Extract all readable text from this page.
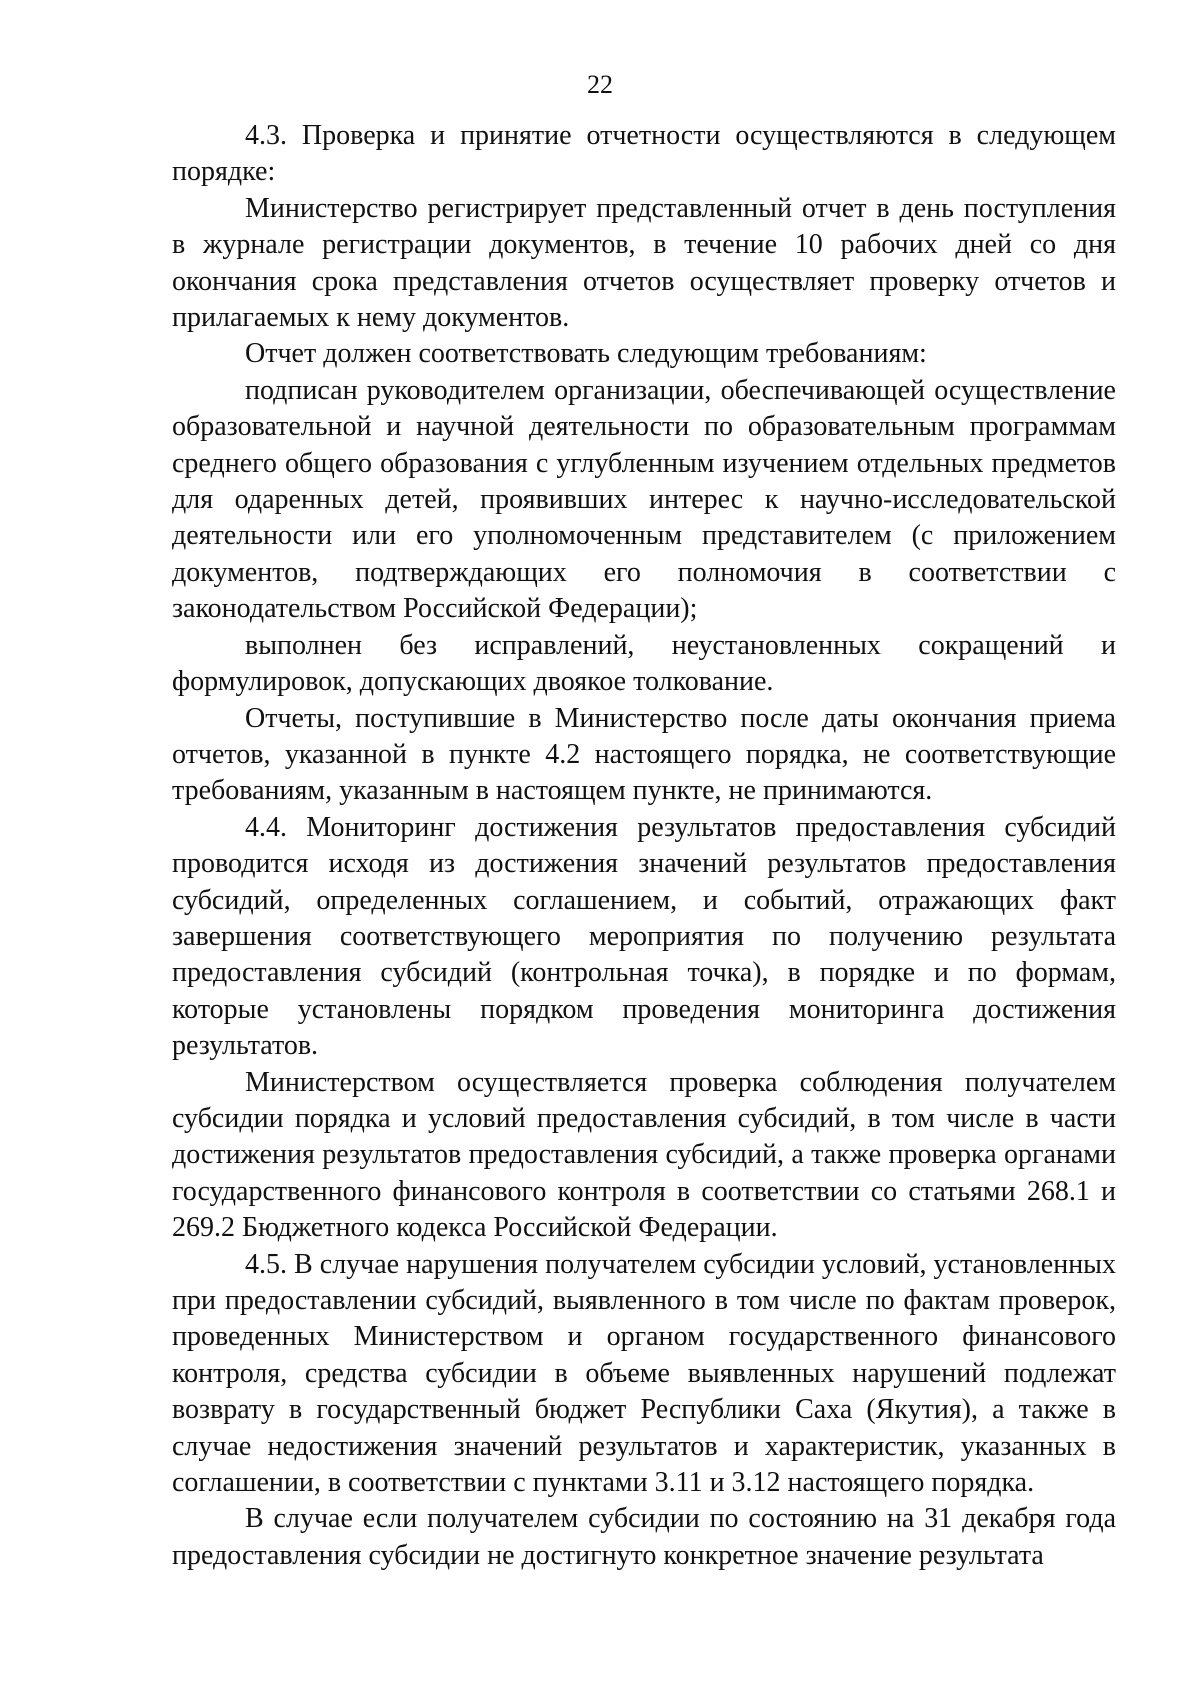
22

4.3. Проверка и принятие отчетности осуществляются в следующем порядке:

Министерство регистрирует представленный отчет в день поступления в журнале регистрации документов, в течение 10 рабочих дней со дня окончания срока представления отчетов осуществляет проверку отчетов и прилагаемых к нему документов.

Отчет должен соответствовать следующим требованиям:

подписан руководителем организации, обеспечивающей осуществление образовательной и научной деятельности по образовательным программам среднего общего образования с углубленным изучением отдельных предметов для одаренных детей, проявивших интерес к научно-исследовательской деятельности или его уполномоченным представителем (с приложением документов, подтверждающих его полномочия в соответствии с законодательством Российской Федерации);

выполнен без исправлений, неустановленных сокращений и формулировок, допускающих двоякое толкование.

Отчеты, поступившие в Министерство после даты окончания приема отчетов, указанной в пункте 4.2 настоящего порядка, не соответствующие требованиям, указанным в настоящем пункте, не принимаются.

4.4. Мониторинг достижения результатов предоставления субсидий проводится исходя из достижения значений результатов предоставления субсидий, определенных соглашением, и событий, отражающих факт завершения соответствующего мероприятия по получению результата предоставления субсидий (контрольная точка), в порядке и по формам, которые установлены порядком проведения мониторинга достижения результатов.

Министерством осуществляется проверка соблюдения получателем субсидии порядка и условий предоставления субсидий, в том числе в части достижения результатов предоставления субсидий, а также проверка органами государственного финансового контроля в соответствии со статьями 268.1 и 269.2 Бюджетного кодекса Российской Федерации.

4.5. В случае нарушения получателем субсидии условий, установленных при предоставлении субсидий, выявленного в том числе по фактам проверок, проведенных Министерством и органом государственного финансового контроля, средства субсидии в объеме выявленных нарушений подлежат возврату в государственный бюджет Республики Саха (Якутия), а также в случае недостижения значений результатов и характеристик, указанных в соглашении, в соответствии с пунктами 3.11 и 3.12 настоящего порядка.

В случае если получателем субсидии по состоянию на 31 декабря года предоставления субсидии не достигнуто конкретное значение результата
